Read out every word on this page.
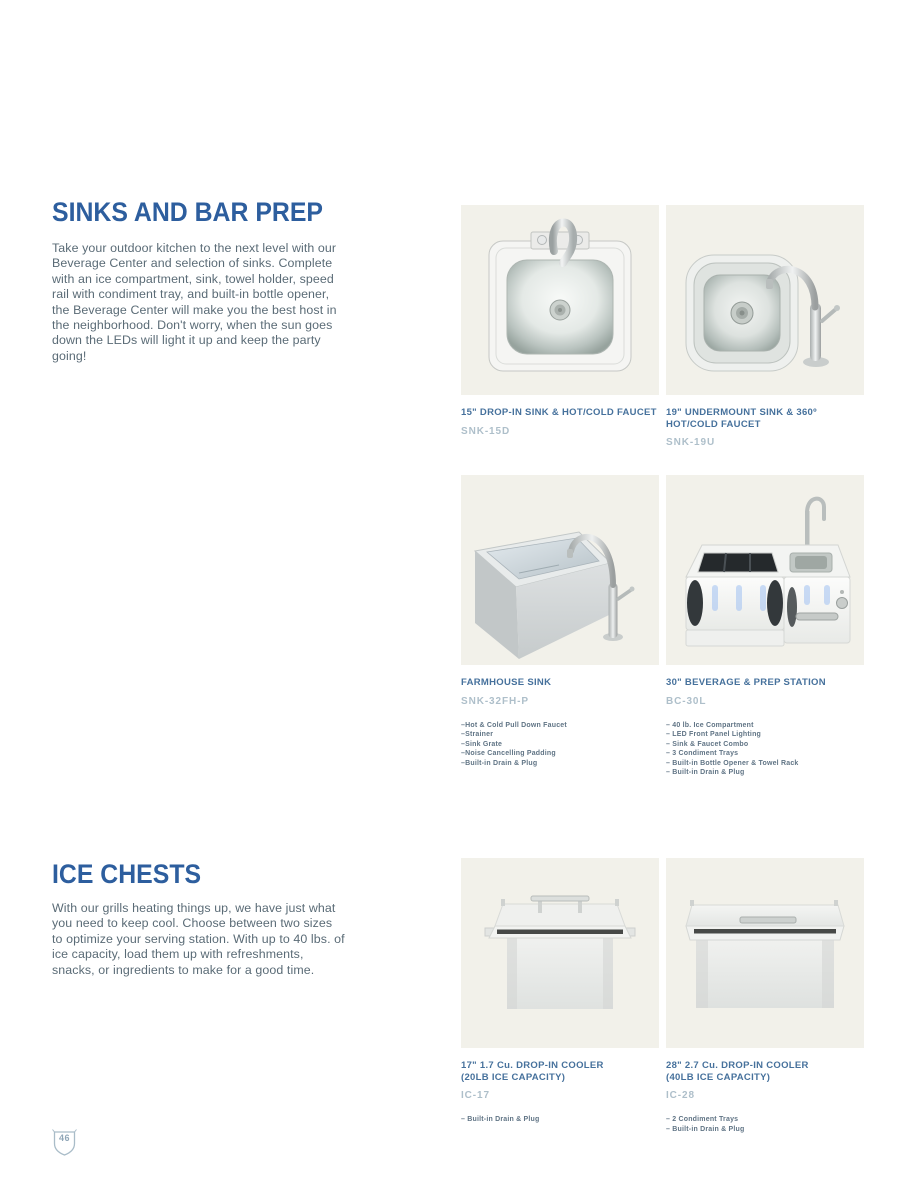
SINKS AND BAR PREP
Take your outdoor kitchen to the next level with our Beverage Center and selection of sinks. Complete with an ice compartment, sink, towel holder, speed rail with condiment tray, and built-in bottle opener, the Beverage Center will make you the best host in the neighborhood. Don't worry, when the sun goes down the LEDs will light it up and keep the party going!
ICE CHESTS
With our grills heating things up, we have just what you need to keep cool. Choose between two sizes to optimize your serving station. With up to 40 lbs. of ice capacity, load them up with refreshments, snacks, or ingredients to make for a good time.
15" DROP-IN SINK & HOT/COLD FAUCET
SNK-15D
19" UNDERMOUNT SINK & 360º HOT/COLD FAUCET
SNK-19U
FARMHOUSE SINK
SNK-32FH-P
–Hot & Cold Pull Down Faucet
–Strainer
–Sink Grate
–Noise Cancelling Padding
–Built-in Drain & Plug
30" BEVERAGE & PREP STATION
BC-30L
– 40 lb. Ice Compartment
– LED Front Panel Lighting
– Sink & Faucet Combo
– 3 Condiment Trays
– Built-in Bottle Opener & Towel Rack
– Built-in Drain & Plug
17" 1.7 Cu. DROP-IN COOLER (20LB ICE CAPACITY)
IC-17
– Built-in Drain & Plug
28" 2.7 Cu. DROP-IN COOLER (40LB ICE CAPACITY)
IC-28
– 2 Condiment Trays
– Built-in Drain & Plug
46
